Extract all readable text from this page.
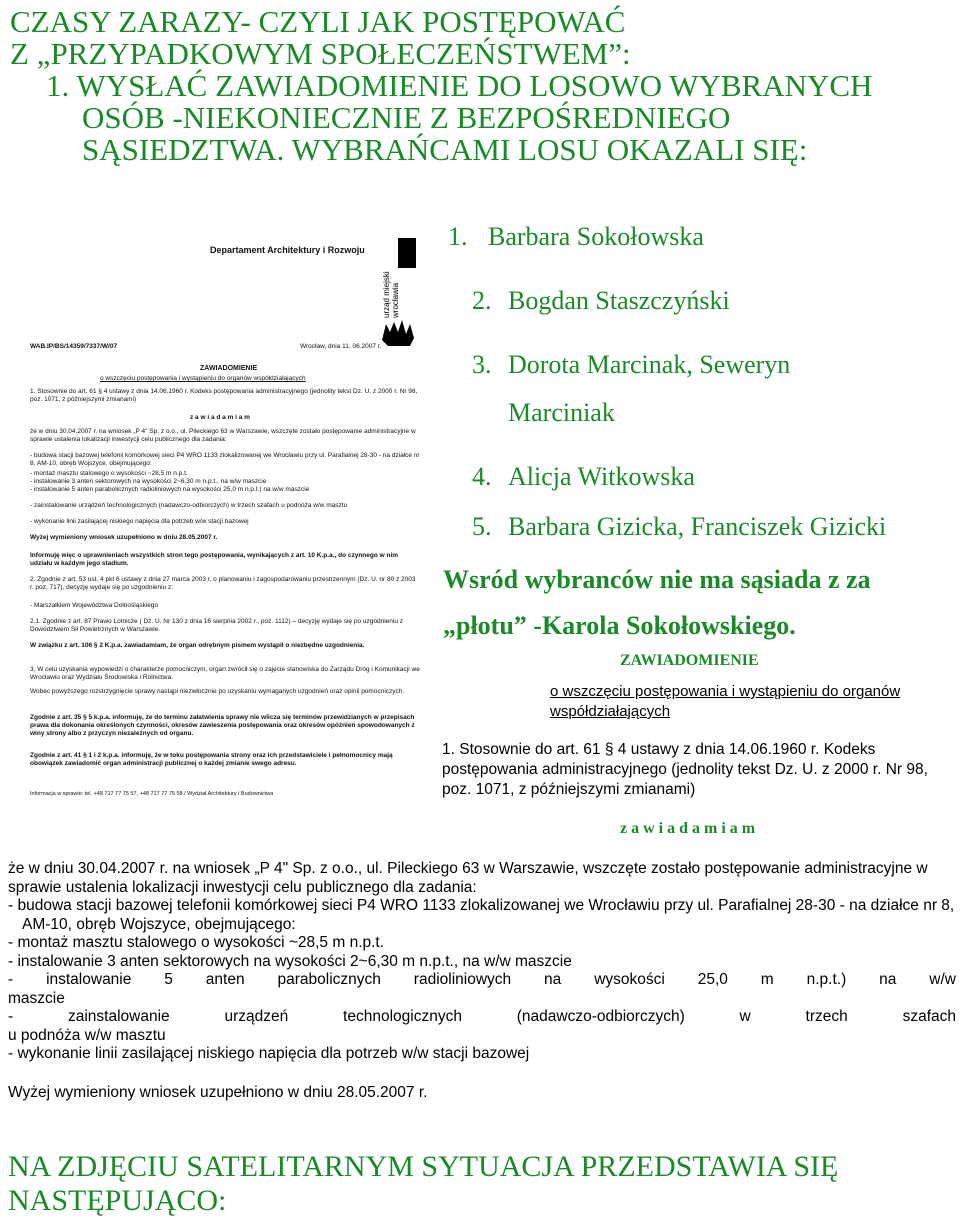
CZASY ZARAZY- CZYLI JAK POSTĘPOWAĆ
Z „PRZYPADKOWYM SPOŁECZEŃSTWEM”:
1. WYSŁAĆ ZAWIADOMIENIE DO LOSOWO WYBRANYCH
OSÓB -NIEKONIECZNIE Z BEZPOŚREDNIEGO
SĄSIEDZTWA. WYBRAŃCAMI LOSU OKAZALI SIĘ:
Departament Architektury i Rozwoju
urząd miejski wrocławia
WAB.IP/BS/14359/7337/W/07	Wrocław, dnia 11. 06.2007 r.
ZAWIADOMIENIE
o wszczęciu postępowania i wystąpieniu do organów współdziałających
1. Stosownie do art. 61 § 4 ustawy z dnia 14.06.1960 r. Kodeks postępowania administracyjnego (jednolity tekst Dz. U. z 2000 r. Nr 98, poz. 1071, z późniejszymi zmianami)
z a w i a d a m i a m
że w dniu 30.04.2007 r. na wniosek „P 4" Sp. z o.o., ul. Pileckiego 63 w Warszawie, wszczęte zostało postępowanie administracyjne w sprawie ustalenia lokalizacji inwestycji celu publicznego dla zadania:
- budowa stacji bazowej telefonii komórkowej sieci P4 WRO 1133 zlokalizowanej we Wrocławiu przy ul. Parafialnej 28-30 - na działce nr 8, AM-10, obręb Wojszyce, obejmującego:
- montaż masztu stalowego o wysokości ~28,5 m n.p.t.
- instalowanie 3 anten sektorowych na wysokości 2~6,30 m n.p.t., na w/w maszcie
- instalowanie 5 anten parabolicznych radioliniowych na wysokości 25,0 m n.p.t.) na w/w maszcie
- zainstalowanie urządzeń technologicznych (nadawczo-odbiorczych) w trzech szafach u podnóża w/w masztu
- wykonanie linii zasilającej niskiego napięcia dla potrzeb w/w stacji bazowej
Wyżej wymieniony wniosek uzupełniono w dniu 28.05.2007 r.
Informuję więc o uprawnieniach wszystkich stron tego postępowania, wynikających z art. 10 K.p.a., do czynnego w nim udziału w każdym jego stadium.
2. Zgodnie z art. 53 ust. 4 pkt 6 ustawy z dnia 27 marca 2003 r. o planowaniu i zagospodarowaniu przestrzennym (Dz. U. nr 80 z 2003 r. poz. 717), decyzję wydaje się po uzgodnieniu z:
- Marszałkiem Województwa Dolnośląskiego
2.1. Zgodnie z art. 87 Prawo Lotnicze ( Dz. U. Nr 130 z dnia 16 sierpnia 2002 r., poz. 1112) – decyzję wydaje się po uzgodnieniu z Dowództwem Sił Powietrznych w Warszawie.
W związku z art. 106 § 2 K.p.a. zawiadamiam, że organ odrębnym pismem wystąpił o niezbędne uzgodnienia.
3. W celu uzyskania wypowiedzi o charakterze pomocniczym, organ zwrócił się o zajęcie stanowiska do Zarządu Dróg i Komunikacji we Wrocławiu oraz Wydziału Środowiska i Rolnictwa.
Wobec powyższego rozstrzygnięcie sprawy nastąpi niezwłocznie po uzyskaniu wymaganych uzgodnień oraz opinii pomocniczych.
Zgodnie z art. 35 § 5 k.p.a. informuję, że do terminu załatwienia sprawy nie wlicza się terminów przewidzianych w przepisach prawa dla dokonania określonych czynności, okresów zawieszenia postępowania oraz okresów opóźnień spowodowanych z winy strony albo z przyczyn niezależnych od organu.
Zgodnie z art. 41 § 1 i 2 k.p.a. informuję, że w toku postępowania strony oraz ich przedstawiciele i pełnomocnicy mają obowiązek zawiadomić organ administracji publicznej o każdej zmianie swego adresu.
Informacja w sprawie: tel. +48 717 77 75 57, +48 717 77 75 58 / Wydział Architektury i Budownictwa
1. Barbara Sokołowska
2. Bogdan Staszczyński
3. Dorota Marcinak, Seweryn
Marciniak
4. Alicja Witkowska
5. Barbara Gizicka, Franciszek Gizicki
Wsród wybranców nie ma sąsiada z za
„płotu” -Karola Sokołowskiego.
ZAWIADOMIENIE
o wszczęciu postępowania i wystąpieniu do organów współdziałających
1. Stosownie do art. 61 § 4 ustawy z dnia 14.06.1960 r. Kodeks postępowania administracyjnego (jednolity tekst Dz. U. z 2000 r. Nr 98, poz. 1071, z późniejszymi zmianami)
zawiadamiam

że w dniu 30.04.2007 r. na wniosek „P 4" Sp. z o.o., ul. Pileckiego 63 w Warszawie, wszczęte zostało postępowanie administracyjne w sprawie ustalenia lokalizacji inwestycji celu publicznego dla zadania:

- budowa stacji bazowej telefonii komórkowej sieci P4 WRO 1133 zlokalizowanej we Wrocławiu przy ul. Parafialnej 28-30 - na działce nr 8, AM-10, obręb Wojszyce, obejmującego:

- montaż masztu stalowego o wysokości ~28,5 m n.p.t.

- instalowanie 3 anten sektorowych na wysokości 2~6,30 m n.p.t., na w/w maszcie

- instalowanie 5 anten parabolicznych radioliniowych na wysokości 25,0 m n.p.t.) na w/w

maszcie

- zainstalowanie urządzeń technologicznych (nadawczo-odbiorczych) w trzech szafach

u podnóża w/w masztu

- wykonanie linii zasilającej niskiego napięcia dla potrzeb w/w stacji bazowej

Wyżej wymieniony wniosek uzupełniono w dniu 28.05.2007 r.

NA ZDJĘCIU SATELITARNYM SYTUACJA PRZEDSTAWIA SIĘ
NASTĘPUJĄCO:
